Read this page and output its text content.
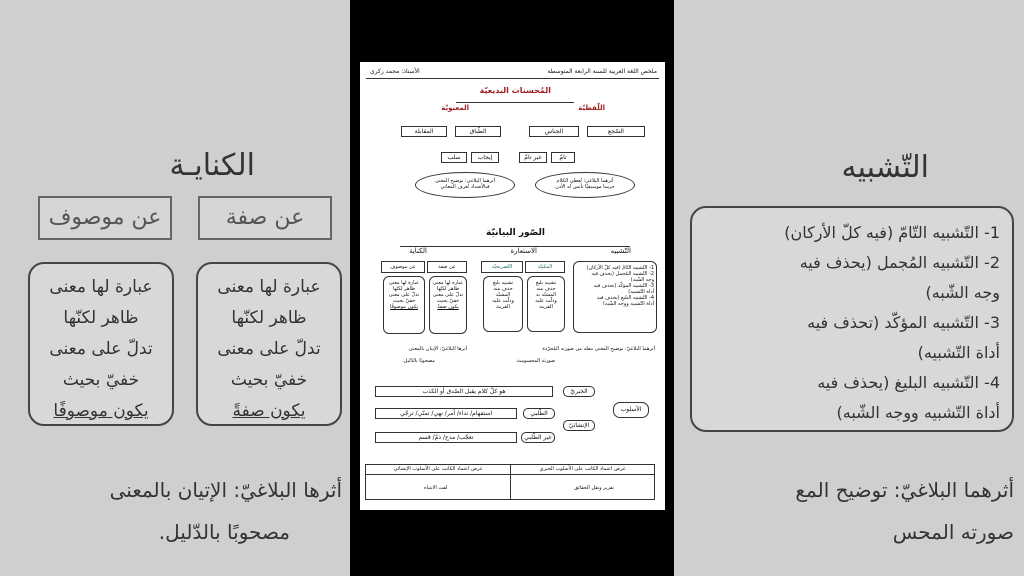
الكنايـة
عن صفة
عن موصوف
عبارة لها معنى
ظاهر لكنّها
تدلّ على معنى
خفيّ بحيث
يكون صفةً
عبارة لها معنى
ظاهر لكنّها
تدلّ على معنى
خفيّ بحيث
يكون موصوفًا
أثرها البلاغيّ: الإتيان بالمعنى
مصحوبًا بالدّليل.
التّشبيه
1- التّشبيه التّامّ (فيه كلّ الأركان)
2- التّشبيه المُجمل (يحذف فيه
وجه الشّبه)
3- التّشبيه المؤكّد (تحذف فيه
أداة التّشبيه)
4- التّشبيه البليغ (يحذف فيه
أداة التّشبيه ووجه الشّبه)
أثرهما البلاغيّ: توضيح المع
صورته المحس
ملخص اللغة العربية للسنة الرابعة المتوسطة
الأستاذ: محمد زكري
المُحسنات البديعيّة
اللّفظيّة
المعنويّة
السّجع
الجناس
الطّباق
المقابلة
تامّ
غير تامّ
إيجاب
سلب
أثرهما البلاغي: تُعطي الكلام
جرسا موسيقيّا تأنس له الأذن
أثرهما البلاغي: توضيح المعنى
فبالأضداد تُعرف المعاني
الصّور البيانيّة
التّشبيه
الاستعارة
الكناية
المكنيّة
التّصريحيّة
عن صفة
عن موصوف	1- التّشبيه التّامّ (فيه كلّ الأركان)
2- التّشبيه المُجمل (يحذف فيه
وجه الشّبه)
3- التّشبيه المؤكّد (تحذف فيه
أداة التّشبيه)
4- التّشبيه البليغ (يحذف فيه
أداة التّشبيه ووجه الشّبه)
تشبيه بليغ
حذف منه
المشبّه به
ودلّت عليه
القرينة
تشبيه بليغ
حذف منه
المشبّه
ودلّت عليه
القرينة
عبارة لها معنى
ظاهر لكنّها
تدلّ على معنى
خفيّ بحيث
يكون صفةً
عبارة لها معنى
ظاهر لكنّها
تدلّ على معنى
خفيّ بحيث
يكون موصوفًا
أثرهما البلاغيّ: توضيح المعنى بنقله من صورته المُجرّدة
صورته المحسوسة.
أثرها البلاغيّ: الإتيان بالمعنى
مصحوبًا بالدّليل.
الأسلوب
الخبريّ
الإنشائيّ
الطّلبي
غير الطّلبي
هو كلّ كلام يقبل الصّدق أو الكذب
استفهام/ نداء/ أمر/ نهي/ تمنّي/ ترجّي
تعجّب/ مدح/ ذمّ/ قسم
غرض اعتماد الكاتب على الأسلوب الخبري
غرض اعتماد الكاتب على الأسلوب الإنشائي
تقرير ونقل الحقائق
لفت الانتباه
